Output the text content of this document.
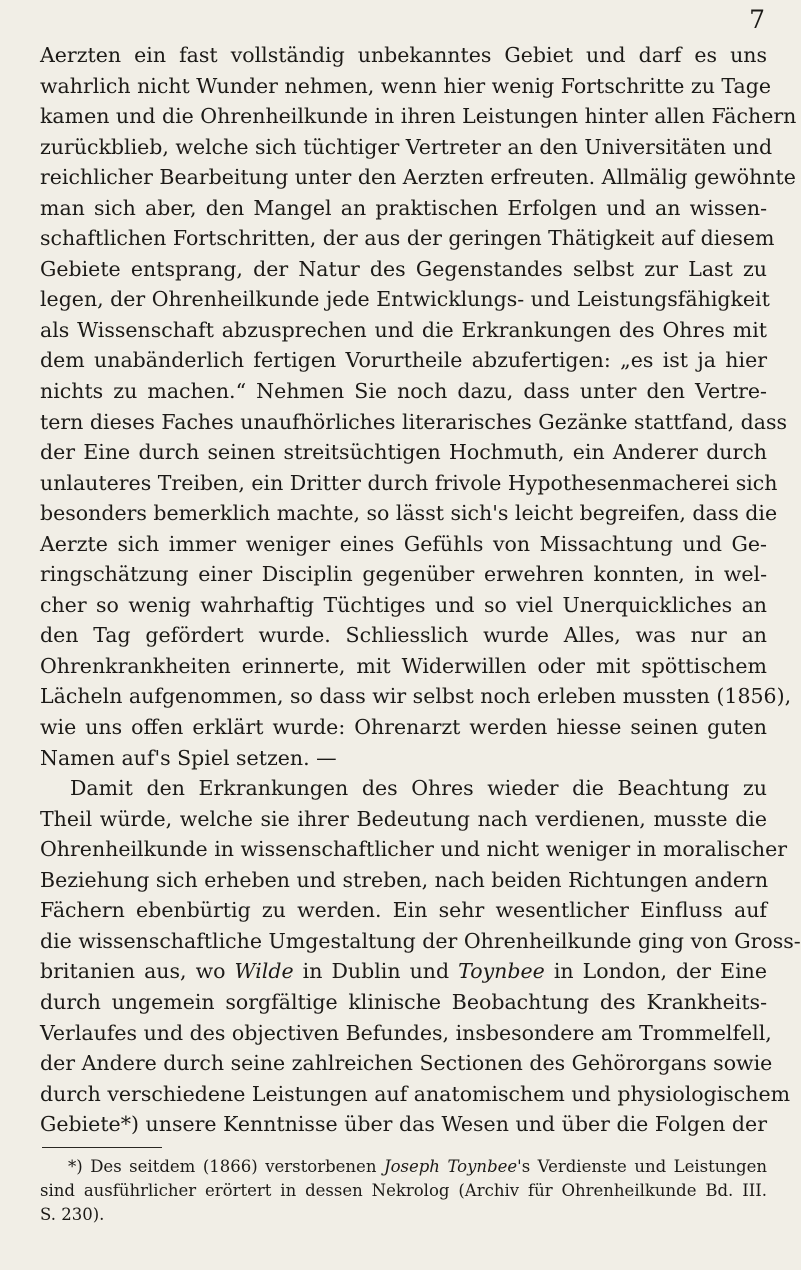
7
Aerzten ein fast vollständig unbekanntes Gebiet und darf es uns
wahrlich nicht Wunder nehmen, wenn hier wenig Fortschritte zu Tage
kamen und die Ohrenheilkunde in ihren Leistungen hinter allen Fächern
zurückblieb, welche sich tüchtiger Vertreter an den Universitäten und
reichlicher Bearbeitung unter den Aerzten erfreuten. Allmälig gewöhnte
man sich aber, den Mangel an praktischen Erfolgen und an wissen-
schaftlichen Fortschritten, der aus der geringen Thätigkeit auf diesem
Gebiete entsprang, der Natur des Gegenstandes selbst zur Last zu
legen, der Ohrenheilkunde jede Entwicklungs- und Leistungsfähigkeit
als Wissenschaft abzusprechen und die Erkrankungen des Ohres mit
dem unabänderlich fertigen Vorurtheile abzufertigen: „es ist ja hier
nichts zu machen.“ Nehmen Sie noch dazu, dass unter den Vertre-
tern dieses Faches unaufhörliches literarisches Gezänke stattfand, dass
der Eine durch seinen streitsüchtigen Hochmuth, ein Anderer durch
unlauteres Treiben, ein Dritter durch frivole Hypothesenmacherei sich
besonders bemerklich machte, so lässt sich's leicht begreifen, dass die
Aerzte sich immer weniger eines Gefühls von Missachtung und Ge-
ringschätzung einer Disciplin gegenüber erwehren konnten, in wel-
cher so wenig wahrhaftig Tüchtiges und so viel Unerquickliches an
den Tag gefördert wurde. Schliesslich wurde Alles, was nur an
Ohrenkrankheiten erinnerte, mit Widerwillen oder mit spöttischem
Lächeln aufgenommen, so dass wir selbst noch erleben mussten (1856),
wie uns offen erklärt wurde: Ohrenarzt werden hiesse seinen guten
Namen auf's Spiel setzen. —
Damit den Erkrankungen des Ohres wieder die Beachtung zu
Theil würde, welche sie ihrer Bedeutung nach verdienen, musste die
Ohrenheilkunde in wissenschaftlicher und nicht weniger in moralischer
Beziehung sich erheben und streben, nach beiden Richtungen andern
Fächern ebenbürtig zu werden. Ein sehr wesentlicher Einfluss auf
die wissenschaftliche Umgestaltung der Ohrenheilkunde ging von Gross-
britanien aus, wo Wilde in Dublin und Toynbee in London, der Eine
durch ungemein sorgfältige klinische Beobachtung des Krankheits-
Verlaufes und des objectiven Befundes, insbesondere am Trommelfell,
der Andere durch seine zahlreichen Sectionen des Gehörorgans sowie
durch verschiedene Leistungen auf anatomischem und physiologischem
Gebiete*) unsere Kenntnisse über das Wesen und über die Folgen der
*) Des seitdem (1866) verstorbenen Joseph Toynbee's Verdienste und Leistungen
sind ausführlicher erörtert in dessen Nekrolog (Archiv für Ohrenheilkunde Bd. III.
S. 230).
